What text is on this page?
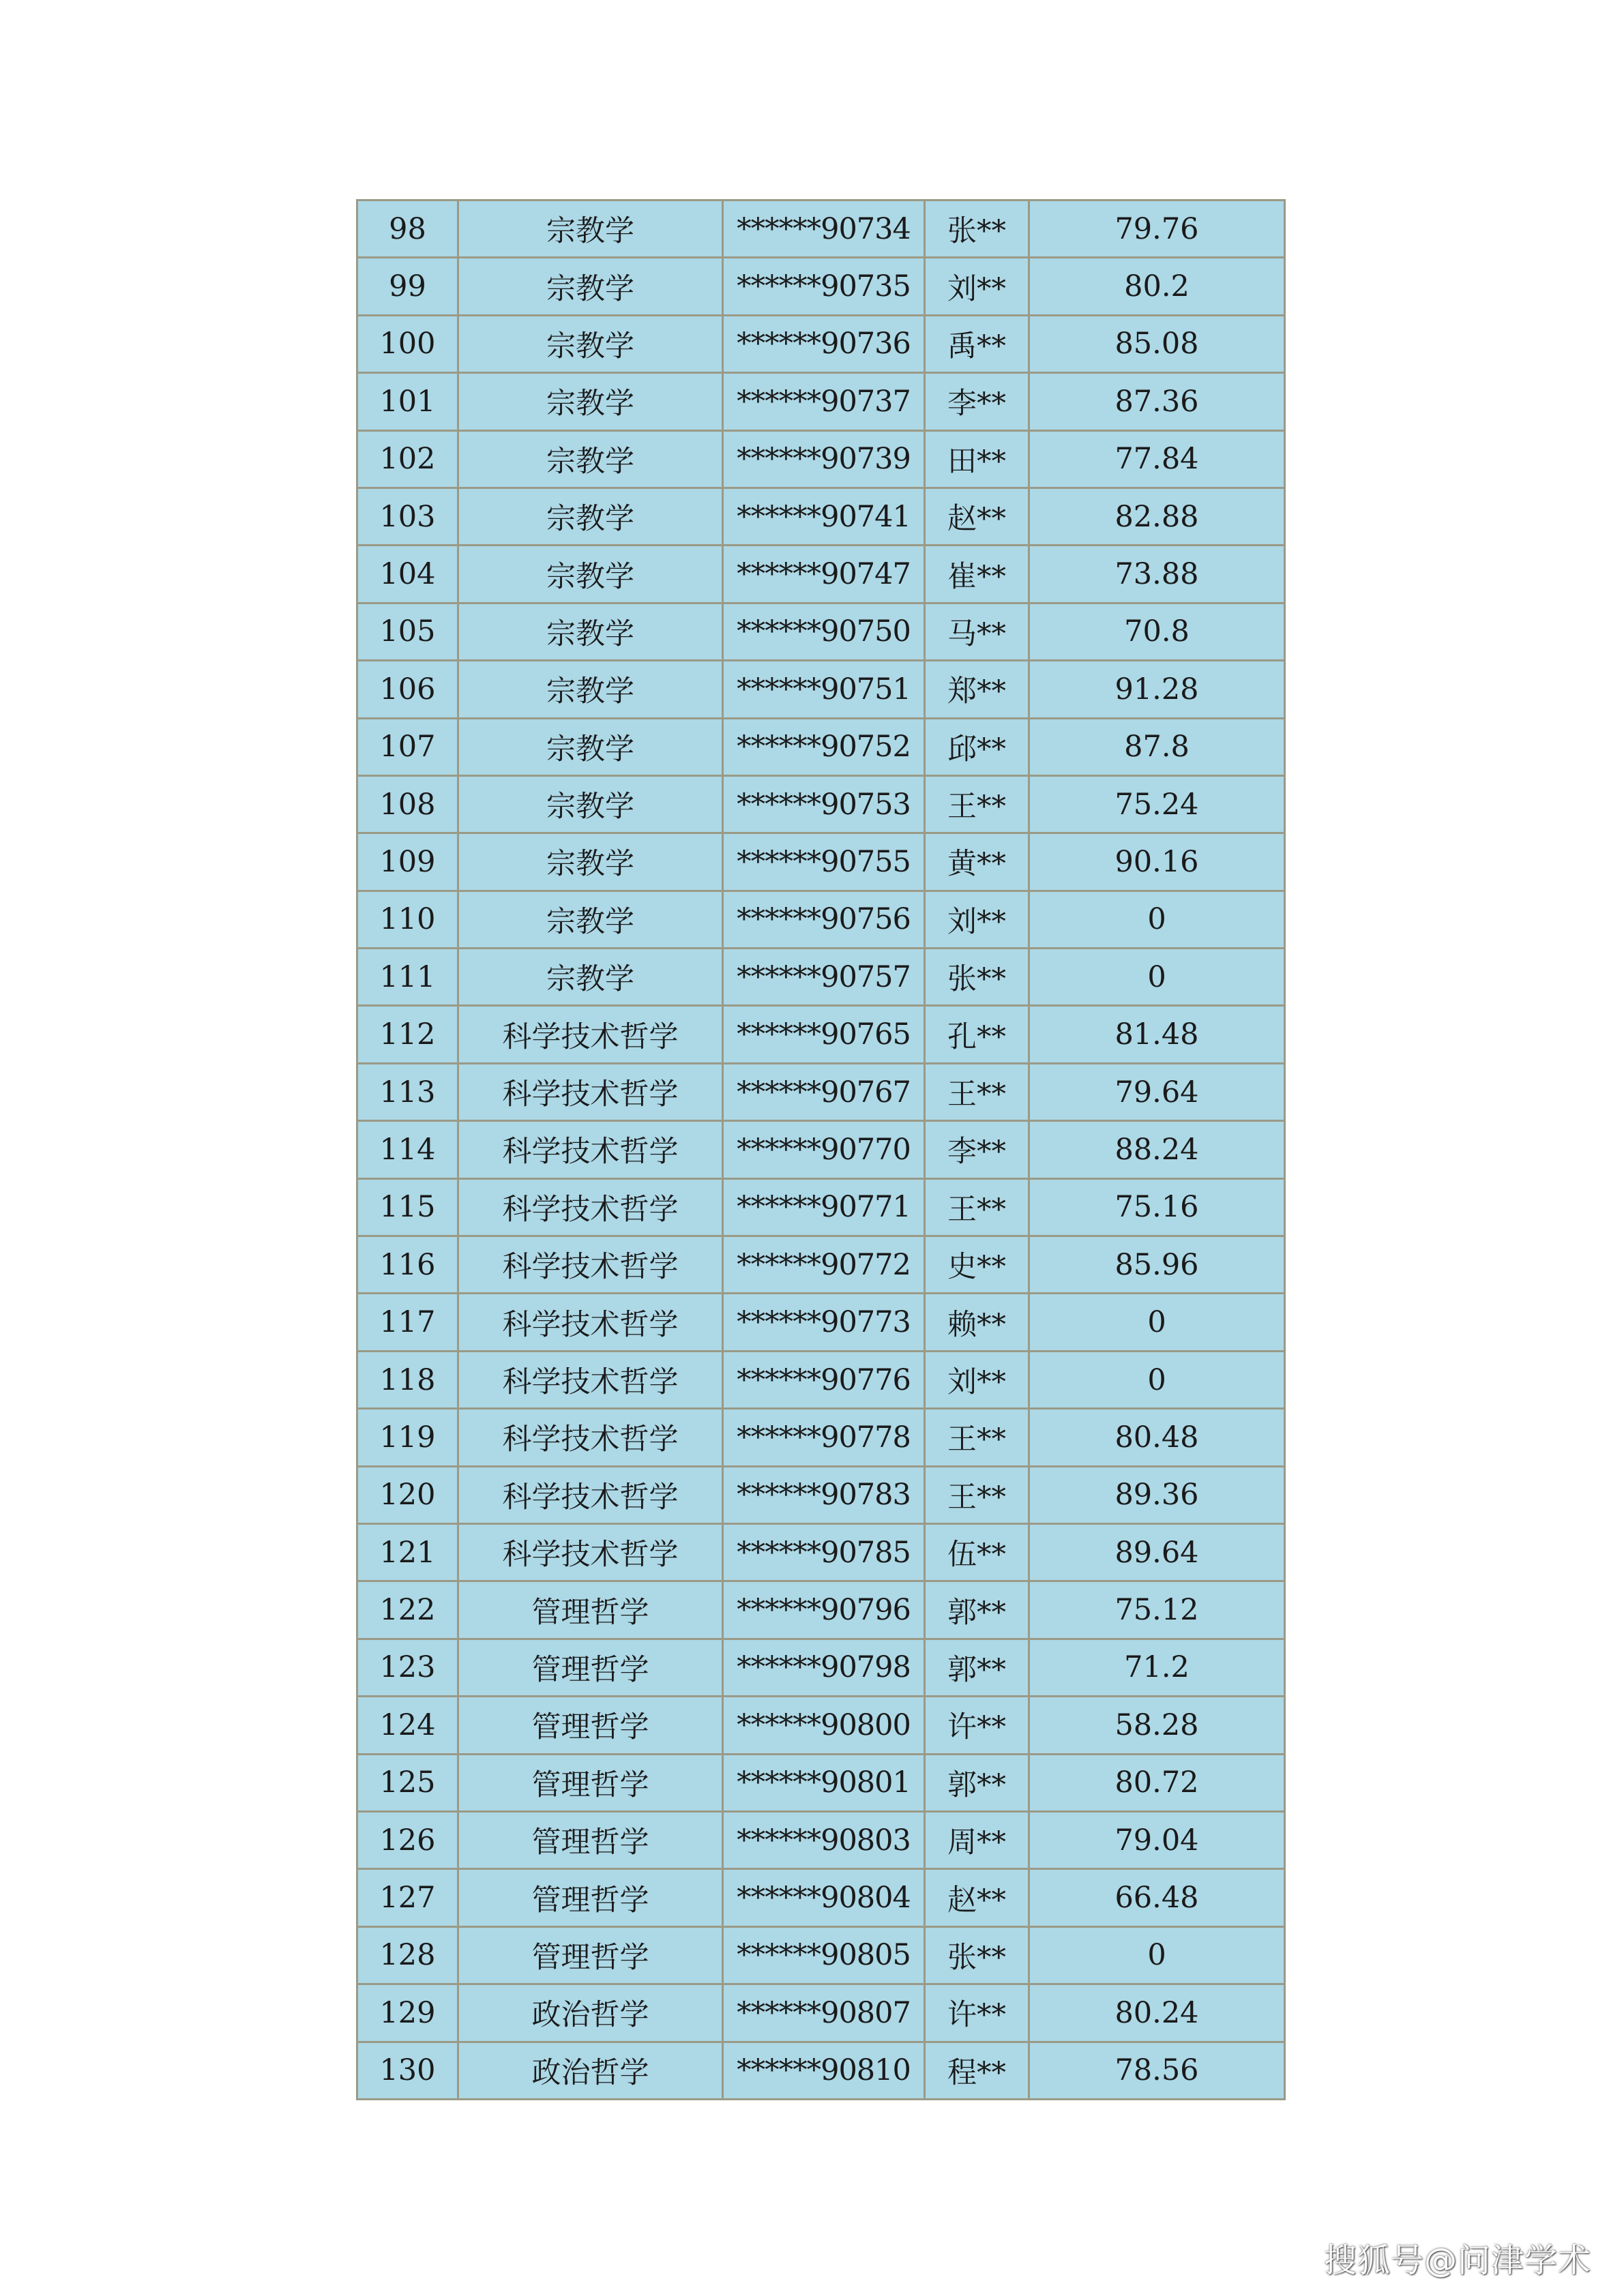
98	宗教学	******90734	张**	79.76
99	宗教学	******90735	刘**	80.2
100	宗教学	******90736	禹**	85.08
101	宗教学	******90737	李**	87.36
102	宗教学	******90739	田**	77.84
103	宗教学	******90741	赵**	82.88
104	宗教学	******90747	崔**	73.88
105	宗教学	******90750	马**	70.8
106	宗教学	******90751	郑**	91.28
107	宗教学	******90752	邱**	87.8
108	宗教学	******90753	王**	75.24
109	宗教学	******90755	黄**	90.16
110	宗教学	******90756	刘**	0
111	宗教学	******90757	张**	0
112	科学技术哲学	******90765	孔**	81.48
113	科学技术哲学	******90767	王**	79.64
114	科学技术哲学	******90770	李**	88.24
115	科学技术哲学	******90771	王**	75.16
116	科学技术哲学	******90772	史**	85.96
117	科学技术哲学	******90773	赖**	0
118	科学技术哲学	******90776	刘**	0
119	科学技术哲学	******90778	王**	80.48
120	科学技术哲学	******90783	王**	89.36
121	科学技术哲学	******90785	伍**	89.64
122	管理哲学	******90796	郭**	75.12
123	管理哲学	******90798	郭**	71.2
124	管理哲学	******90800	许**	58.28
125	管理哲学	******90801	郭**	80.72
126	管理哲学	******90803	周**	79.04
127	管理哲学	******90804	赵**	66.48
128	管理哲学	******90805	张**	0
129	政治哲学	******90807	许**	80.24
130	政治哲学	******90810	程**	78.56
搜狐号@问津学术
